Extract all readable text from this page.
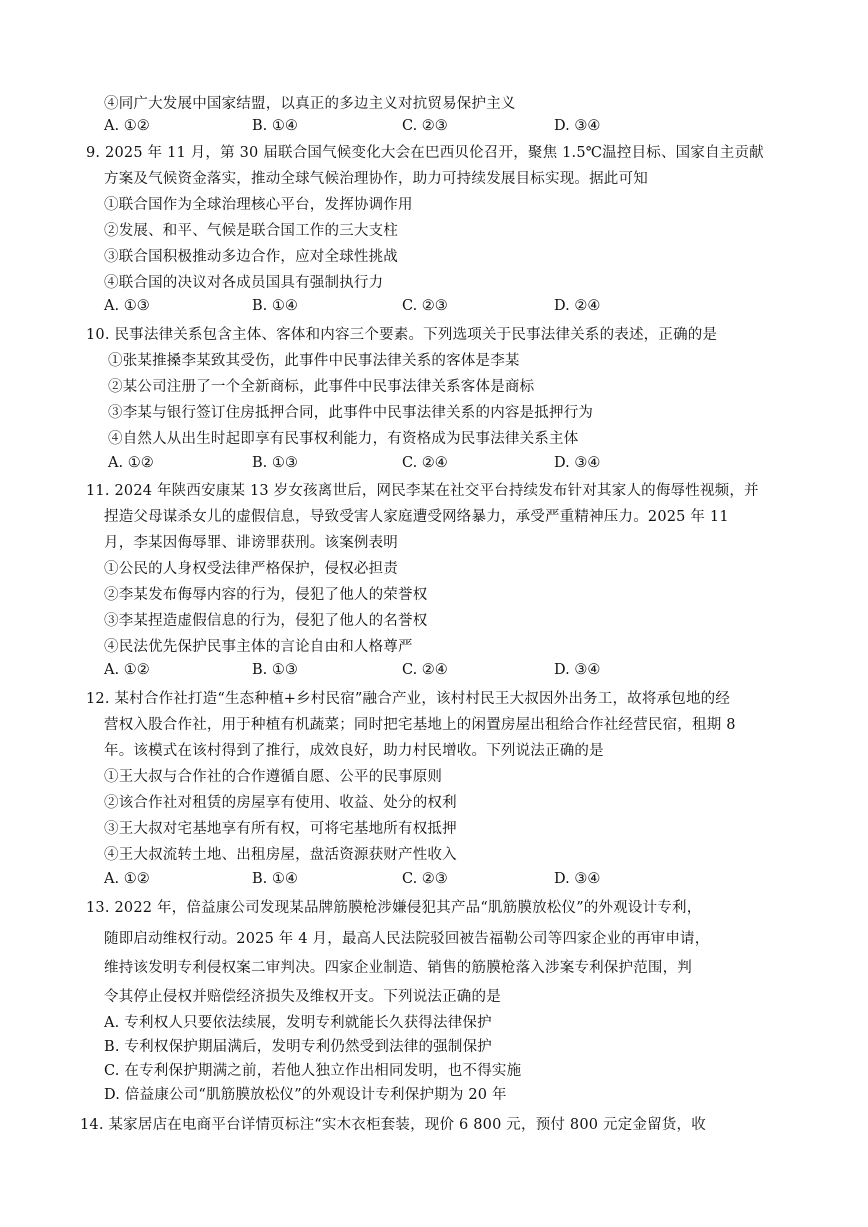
④同广大发展中国家结盟，以真正的多边主义对抗贸易保护主义
A. ①②	B. ①④	C. ②③	D. ③④
9. 2025 年 11 月，第 30 届联合国气候变化大会在巴西贝伦召开，聚焦 1.5℃温控目标、国家自主贡献
方案及气候资金落实，推动全球气候治理协作，助力可持续发展目标实现。据此可知
①联合国作为全球治理核心平台，发挥协调作用
②发展、和平、气候是联合国工作的三大支柱
③联合国积极推动多边合作，应对全球性挑战
④联合国的决议对各成员国具有强制执行力
A. ①③	B. ①④	C. ②③	D. ②④
10. 民事法律关系包含主体、客体和内容三个要素。下列选项关于民事法律关系的表述，正确的是
①张某推搡李某致其受伤，此事件中民事法律关系的客体是李某
②某公司注册了一个全新商标，此事件中民事法律关系客体是商标
③李某与银行签订住房抵押合同，此事件中民事法律关系的内容是抵押行为
④自然人从出生时起即享有民事权利能力，有资格成为民事法律关系主体
A. ①②	B. ①③	C. ②④	D. ③④
11. 2024 年陕西安康某 13 岁女孩离世后，网民李某在社交平台持续发布针对其家人的侮辱性视频，并
捏造父母谋杀女儿的虚假信息，导致受害人家庭遭受网络暴力，承受严重精神压力。2025 年 11
月，李某因侮辱罪、诽谤罪获刑。该案例表明
①公民的人身权受法律严格保护，侵权必担责
②李某发布侮辱内容的行为，侵犯了他人的荣誉权
③李某捏造虚假信息的行为，侵犯了他人的名誉权
④民法优先保护民事主体的言论自由和人格尊严
A. ①②	B. ①③	C. ②④	D. ③④
12. 某村合作社打造“生态种植+乡村民宿”融合产业，该村村民王大叔因外出务工，故将承包地的经
营权入股合作社，用于种植有机蔬菜；同时把宅基地上的闲置房屋出租给合作社经营民宿，租期 8
年。该模式在该村得到了推行，成效良好，助力村民增收。下列说法正确的是
①王大叔与合作社的合作遵循自愿、公平的民事原则
②该合作社对租赁的房屋享有使用、收益、处分的权利
③王大叔对宅基地享有所有权，可将宅基地所有权抵押
④王大叔流转土地、出租房屋，盘活资源获财产性收入
A. ①②	B. ①④	C. ②③	D. ③④
13. 2022 年，倍益康公司发现某品牌筋膜枪涉嫌侵犯其产品“肌筋膜放松仪”的外观设计专利，
随即启动维权行动。2025 年 4 月，最高人民法院驳回被告福勒公司等四家企业的再审申请，
维持该发明专利侵权案二审判决。四家企业制造、销售的筋膜枪落入涉案专利保护范围，判
令其停止侵权并赔偿经济损失及维权开支。下列说法正确的是
A. 专利权人只要依法续展，发明专利就能长久获得法律保护
B. 专利权保护期届满后，发明专利仍然受到法律的强制保护
C. 在专利保护期满之前，若他人独立作出相同发明，也不得实施
D. 倍益康公司“肌筋膜放松仪”的外观设计专利保护期为 20 年
14. 某家居店在电商平台详情页标注“实木衣柜套装，现价 6 800 元，预付 800 元定金留货，收
